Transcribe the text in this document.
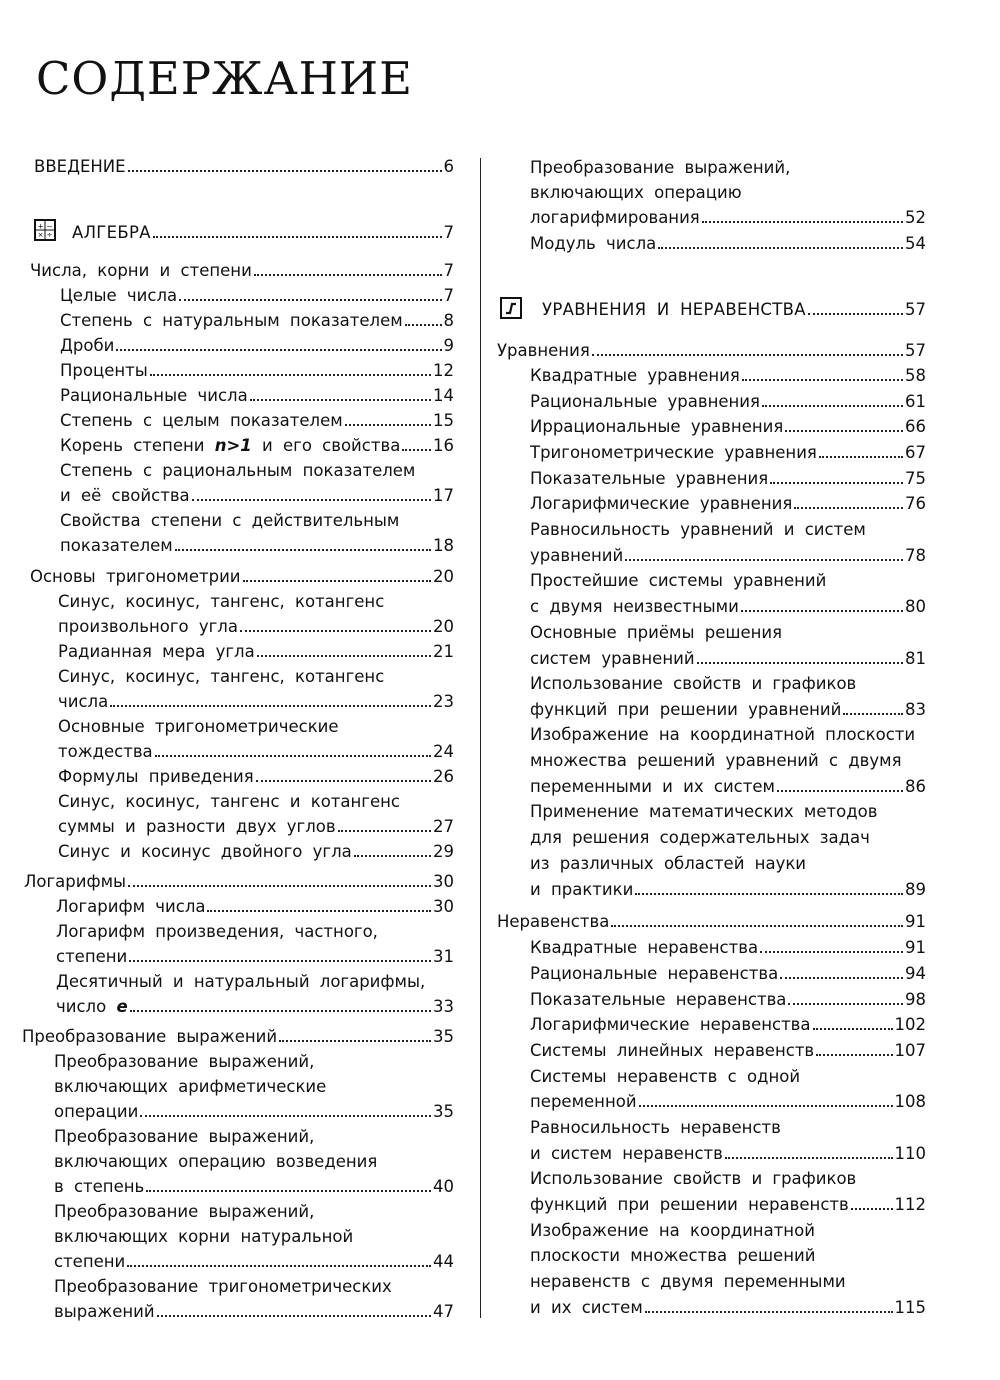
СОДЕРЖАНИЕ
ВВЕДЕНИЕ	6
+ −
× ÷ АЛГЕБРА	7
Числа, корни и степени	7
Целые числа	7
Степень с натуральным показателем 8
Дроби	9
Проценты	12
Рациональные числа	14
Степень с целым показателем	15
Корень степени n>1 и его свойства 16
Степень с рациональным показателем
и её свойства	17
Свойства степени с действительным
показателем	18
Основы тригонометрии	20
Синус, косинус, тангенс, котангенс
произвольного угла	20
Радианная мера угла	21
Синус, косинус, тангенс, котангенс
числа	23
Основные тригонометрические
тождества	24
Формулы приведения	26
Синус, косинус, тангенс и котангенс
суммы и разности двух углов	27
Синус и косинус двойного угла	29
Логарифмы	30
Логарифм числа	30
Логарифм произведения, частного,
степени	31
Десятичный и натуральный логарифмы,
число e	33
Преобразование выражений	35
Преобразование выражений,
включающих арифметические
операции	35
Преобразование выражений,
включающих операцию возведения
в степень	40
Преобразование выражений,
включающих корни натуральной
степени	44
Преобразование тригонометрических
выражений	47
Преобразование выражений,
включающих операцию
логарифмирования	52
Модуль числа	54
УРАВНЕНИЯ И НЕРАВЕНСТВА	57
Уравнения	57
Квадратные уравнения	58
Рациональные уравнения	61
Иррациональные уравнения	66
Тригонометрические уравнения	67
Показательные уравнения	75
Логарифмические уравнения	76
Равносильность уравнений и систем
уравнений	78
Простейшие системы уравнений
с двумя неизвестными	80
Основные приёмы решения
систем уравнений	81
Использование свойств и графиков
функций при решении уравнений	83
Изображение на координатной плоскости
множества решений уравнений с двумя
переменными и их систем	86
Применение математических методов
для решения содержательных задач
из различных областей науки
и практики	89
Неравенства	91
Квадратные неравенства	91
Рациональные неравенства	94
Показательные неравенства	98
Логарифмические неравенства	102
Системы линейных неравенств	107
Системы неравенств с одной
переменной	108
Равносильность неравенств
и систем неравенств	110
Использование свойств и графиков
функций при решении неравенств	112
Изображение на координатной
плоскости множества решений
неравенств с двумя переменными
и их систем	115
